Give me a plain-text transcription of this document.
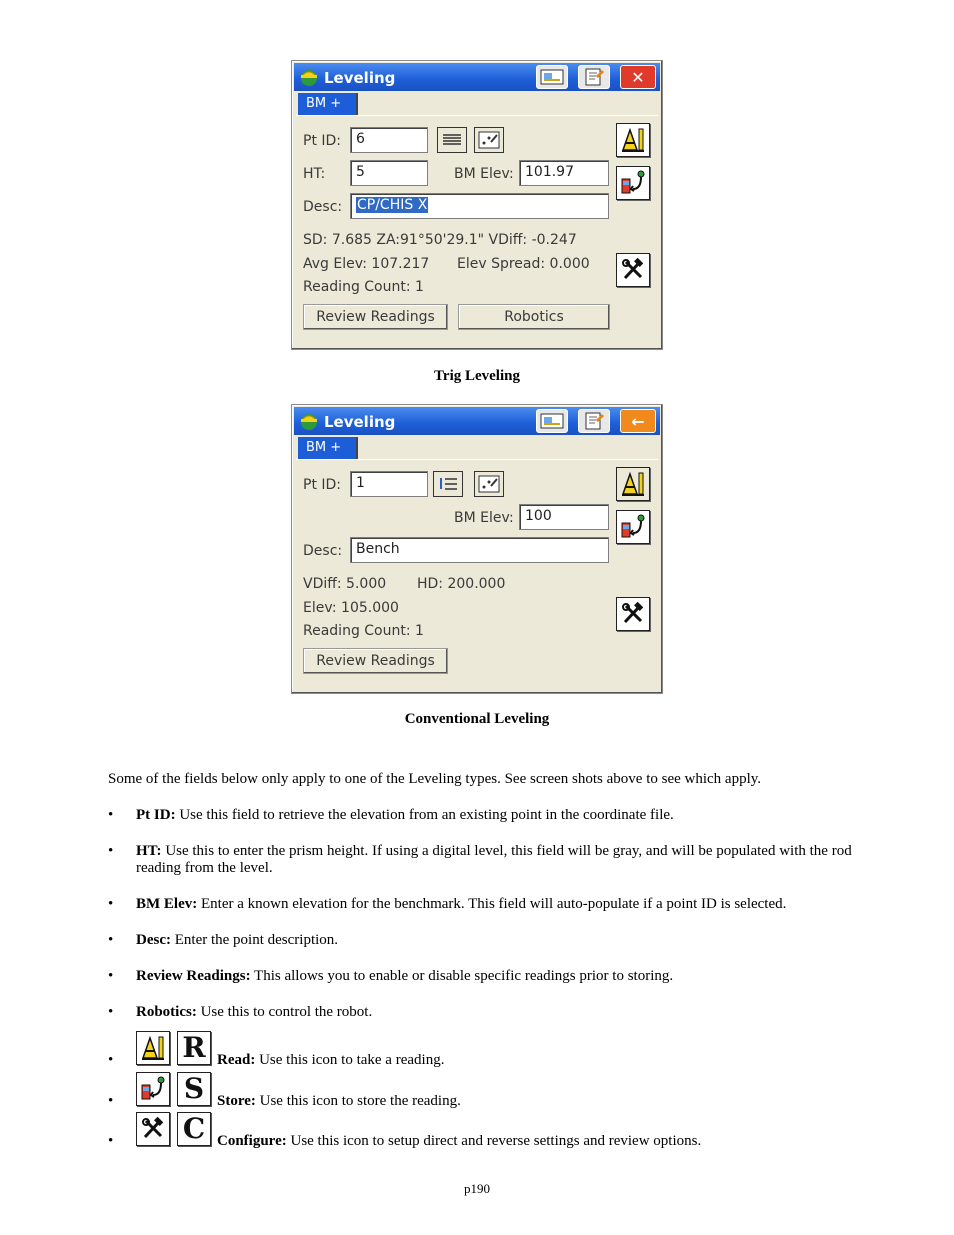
Leveling	✕
BM +
Pt ID:	6
HT:	5	BM Elev: 101.97
Desc:	CP/CHIS X
SD: 7.685 ZA:91°50'29.1" VDiff: -0.247
Avg Elev: 107.217 Elev Spread: 0.000
Reading Count: 1
Review Readings	Robotics
Trig Leveling
Leveling	←
BM +
Pt ID:	1
BM Elev: 100
Desc: Bench
VDiff: 5.000 HD: 200.000
Elev: 105.000
Reading Count: 1
Review Readings
Conventional Leveling
Some of the fields below only apply to one of the Leveling types. See screen shots above to see which apply.
•	Pt ID: Use this field to retrieve the elevation from an existing point in the coordinate file.
•	HT: Use this to enter the prism height. If using a digital level, this field will be gray, and will be populated with the rod reading from the level.
•	BM Elev: Enter a known elevation for the benchmark. This field will auto-populate if a point ID is selected.
•	Desc: Enter the point description.
•	Review Readings: This allows you to enable or disable specific readings prior to storing.
•	Robotics: Use this to control the robot.
• R Read: Use this icon to take a reading.
•	S Store: Use this icon to store the reading.
• C Configure: Use this icon to setup direct and reverse settings and review options.
p190
